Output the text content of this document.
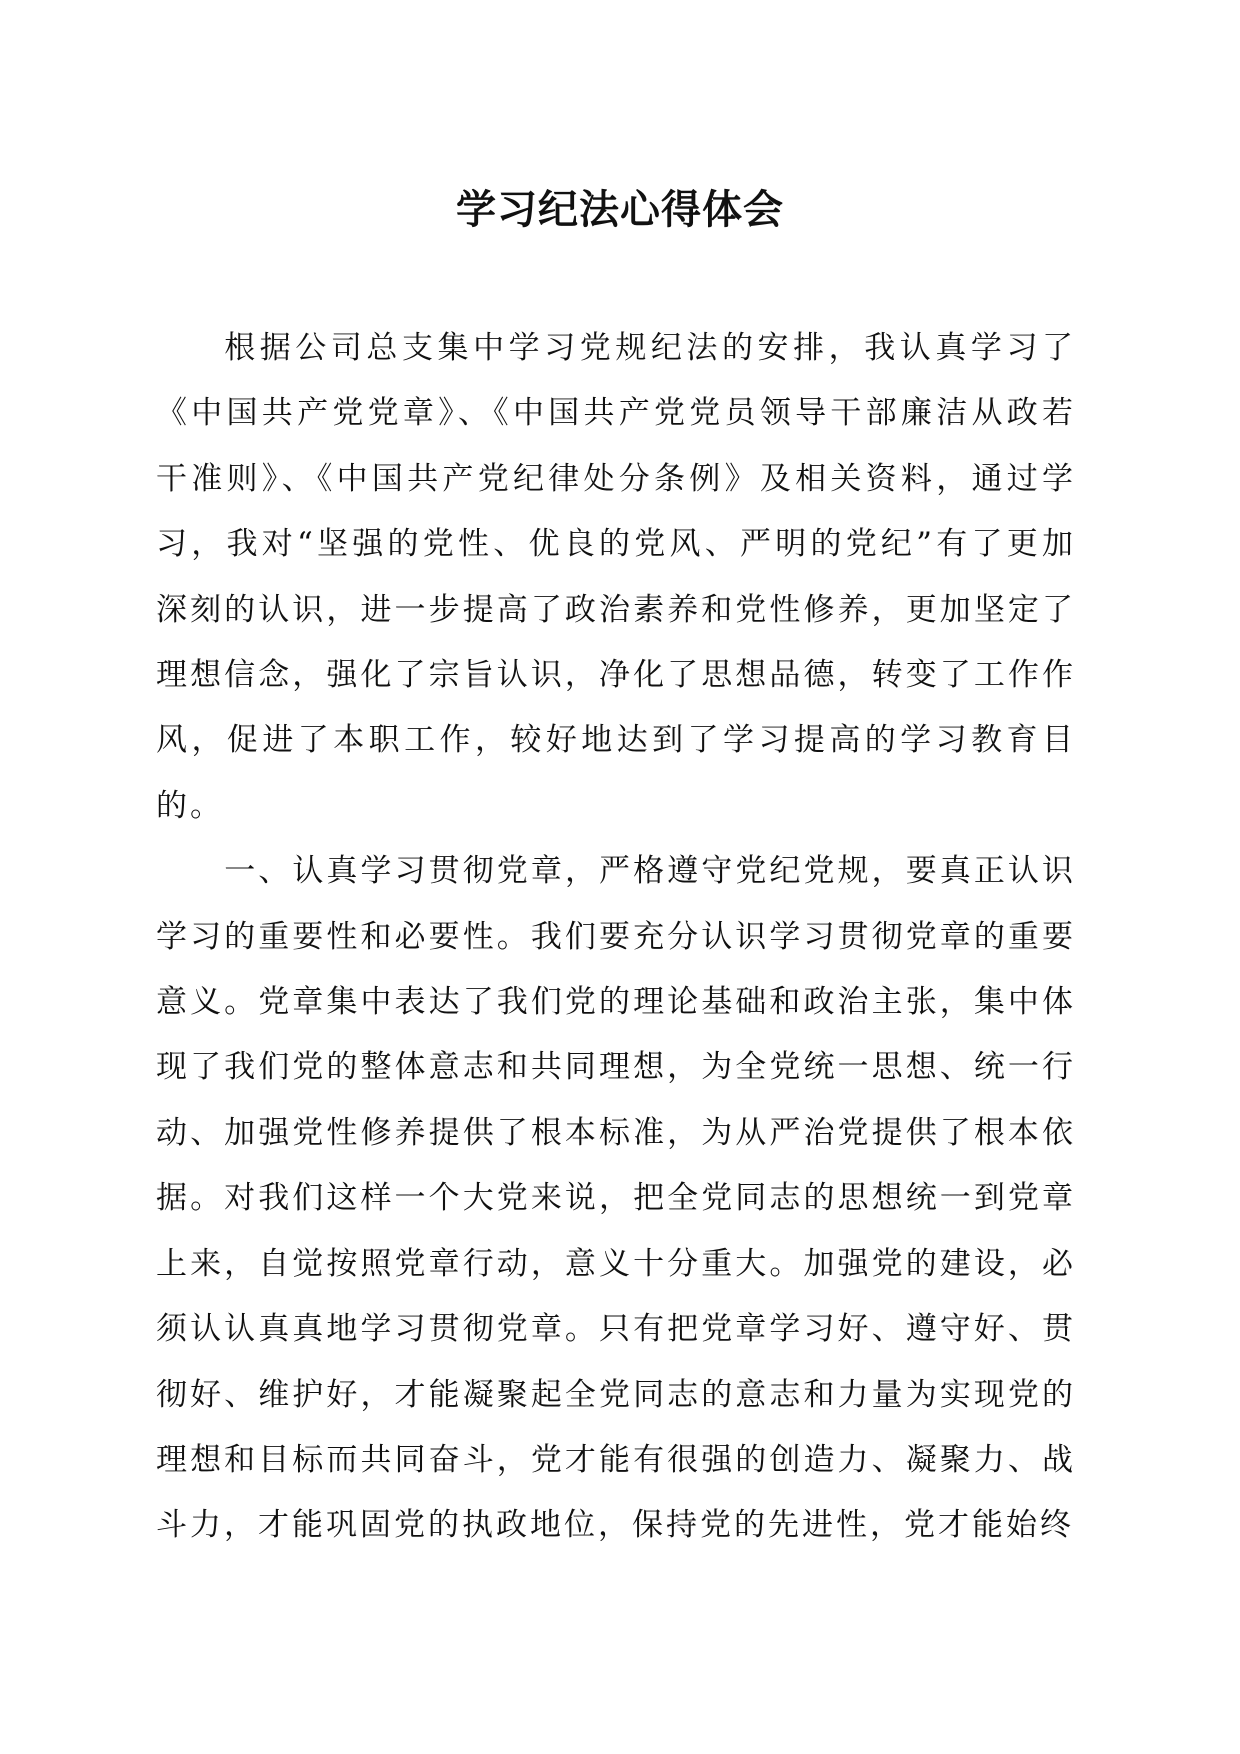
学习纪法心得体会

根据公司总支集中学习党规纪法的安排，我认真学习了《中国共产党党章》、《中国共产党党员领导干部廉洁从政若干准则》、《中国共产党纪律处分条例》及相关资料，通过学习，我对“坚强的党性、优良的党风、严明的党纪”有了更加深刻的认识，进一步提高了政治素养和党性修养，更加坚定了理想信念，强化了宗旨认识，净化了思想品德，转变了工作作风，促进了本职工作，较好地达到了学习提高的学习教育目的。

一、认真学习贯彻党章，严格遵守党纪党规，要真正认识学习的重要性和必要性。我们要充分认识学习贯彻党章的重要意义。党章集中表达了我们党的理论基础和政治主张，集中体现了我们党的整体意志和共同理想，为全党统一思想、统一行动、加强党性修养提供了根本标准，为从严治党提供了根本依据。对我们这样一个大党来说，把全党同志的思想统一到党章上来，自觉按照党章行动，意义十分重大。加强党的建设，必须认认真真地学习贯彻党章。只有把党章学习好、遵守好、贯彻好、维护好，才能凝聚起全党同志的意志和力量为实现党的理想和目标而共同奋斗，党才能有很强的创造力、凝聚力、战斗力，才能巩固党的执政地位，保持党的先进性，党才能始终
